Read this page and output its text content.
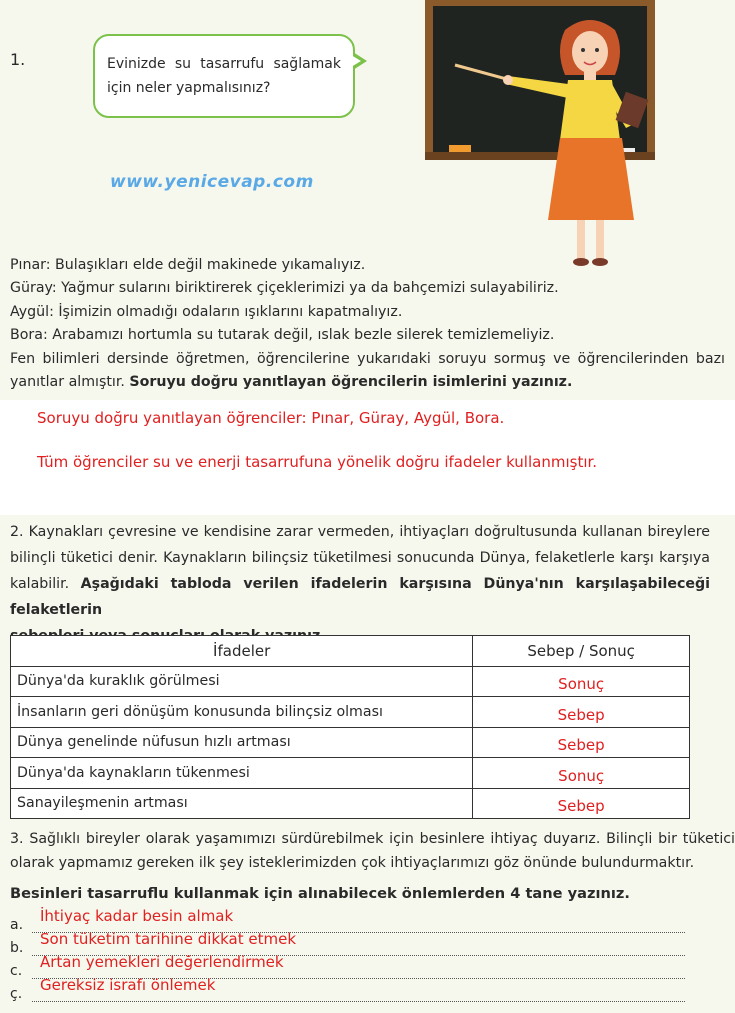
1.	Evinizde su tasarrufu sağlamak için neler yapmalısınız?
www.yenicevap.com

Pınar: Bulaşıkları elde değil makinede yıkamalıyız.

Güray: Yağmur sularını biriktirerek çiçeklerimizi ya da bahçemizi sulayabiliriz.

Aygül: İşimizin olmadığı odaların ışıklarını kapatmalıyız.

Bora: Arabamızı hortumla su tutarak değil, ıslak bezle silerek temizlemeliyiz.

Fen bilimleri dersinde öğretmen, öğrencilerine yukarıdaki soruyu sormuş ve öğrencilerinden bazı

yanıtlar almıştır. Soruyu doğru yanıtlayan öğrencilerin isimlerini yazınız.

Soruyu doğru yanıtlayan öğrenciler: Pınar, Güray, Aygül, Bora.
Tüm öğrenciler su ve enerji tasarrufuna yönelik doğru ifadeler kullanmıştır.

2. Kaynakları çevresine ve kendisine zarar vermeden, ihtiyaçları doğrultusunda kullanan bireylere

bilinçli tüketici denir. Kaynakların bilinçsiz tüketilmesi sonucunda Dünya, felaketlerle karşı karşıya

kalabilir. Aşağıdaki tabloda verilen ifadelerin karşısına Dünya'nın karşılaşabileceği felaketlerin

İfadeler	Sebep / Sonuç
Dünya'da kuraklık görülmesi	Sonuç
İnsanların geri dönüşüm konusunda bilinçsiz olması	Sebep
Dünya genelinde nüfusun hızlı artması	Sebep
Dünya'da kaynakların tükenmesi	Sonuç
Sanayileşmenin artması	Sebep

3. Sağlıklı bireyler olarak yaşamımızı sürdürebilmek için besinlere ihtiyaç duyarız. Bilinçli bir tüketici

olarak yapmamız gereken ilk şey isteklerimizden çok ihtiyaçlarımızı göz önünde bulundurmaktır.

Besinleri tasarruflu kullanmak için alınabilecek önlemlerden 4 tane yazınız.
a. İhtiyaç kadar besin almak
b. Son tüketim tarihine dikkat etmek
c. Artan yemekleri değerlendirmek
ç. Gereksiz israfı önlemek
